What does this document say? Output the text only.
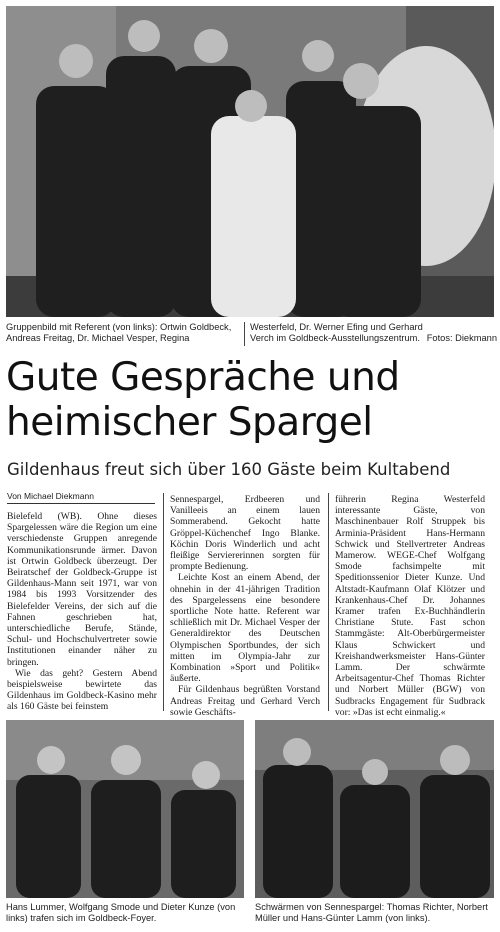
Gruppenbild mit Referent (von links): Ortwin Goldbeck, Andreas Freitag, Dr. Michael Vesper, Regina
Westerfeld, Dr. Werner Efing und Gerhard Verch im Goldbeck-Ausstellungszentrum. Fotos: Diekmann
Gute Gespräche und
heimischer Spargel
Gildenhaus freut sich über 160 Gäste beim Kultabend
Von Michael Diekmann

Bielefeld (WB). Ohne dieses Spargelessen wäre die Region um eine verschiedenste Gruppen anregende Kommunikationsrunde ärmer. Davon ist Ortwin Goldbeck überzeugt. Der Beiratschef der Goldbeck-Gruppe ist Gildenhaus-Mann seit 1971, war von 1984 bis 1993 Vorsitzender des Bielefelder Vereins, der sich auf die Fahnen geschrieben hat, unterschiedliche Berufe, Stände, Schul- und Hochschulvertreter sowie Institutionen einander näher zu bringen.

Wie das geht? Gestern Abend beispielsweise bewirtete das Gildenhaus im Goldbeck-Kasino mehr als 160 Gäste bei feinstem

Sennespargel, Erdbeeren und Vanilleeis an einem lauen Sommerabend. Gekocht hatte Gröppel-Küchenchef Ingo Blanke. Köchin Doris Winderlich und acht fleißige Serviererinnen sorgten für prompte Bedienung.

Leichte Kost an einem Abend, der ohnehin in der 41-jährigen Tradition des Spargelessens eine besondere sportliche Note hatte. Referent war schließlich mit Dr. Michael Vesper der Generaldirektor des Deutschen Olympischen Sportbundes, der sich mitten im Olympia-Jahr zur Kombination »Sport und Politik« äußerte.

Für Gildenhaus begrüßten Vorstand Andreas Freitag und Gerhard Verch sowie Geschäfts-

führerin Regina Westerfeld interessante Gäste, von Maschinenbauer Rolf Struppek bis Arminia-Präsident Hans-Hermann Schwick und Stellvertreter Andreas Mamerow. WEGE-Chef Wolfgang Smode fachsimpelte mit Speditionssenior Dieter Kunze. Und Altstadt-Kaufmann Olaf Klötzer und Krankenhaus-Chef Dr. Johannes Kramer trafen Ex-Buchhändlerin Christiane Stute. Fast schon Stammgäste: Alt-Oberbürgermeister Klaus Schwickert und Kreishandwerksmeister Hans-Günter Lamm. Der schwärmte Arbeitsagentur-Chef Thomas Richter und Norbert Müller (BGW) von Sudbracks Engagement für Sudbrack vor: »Das ist echt einmalig.«

Hans Lummer, Wolfgang Smode und Dieter Kunze (von links) trafen sich im Goldbeck-Foyer.
Schwärmen von Sennespargel: Thomas Richter, Norbert Müller und Hans-Günter Lamm (von links).
